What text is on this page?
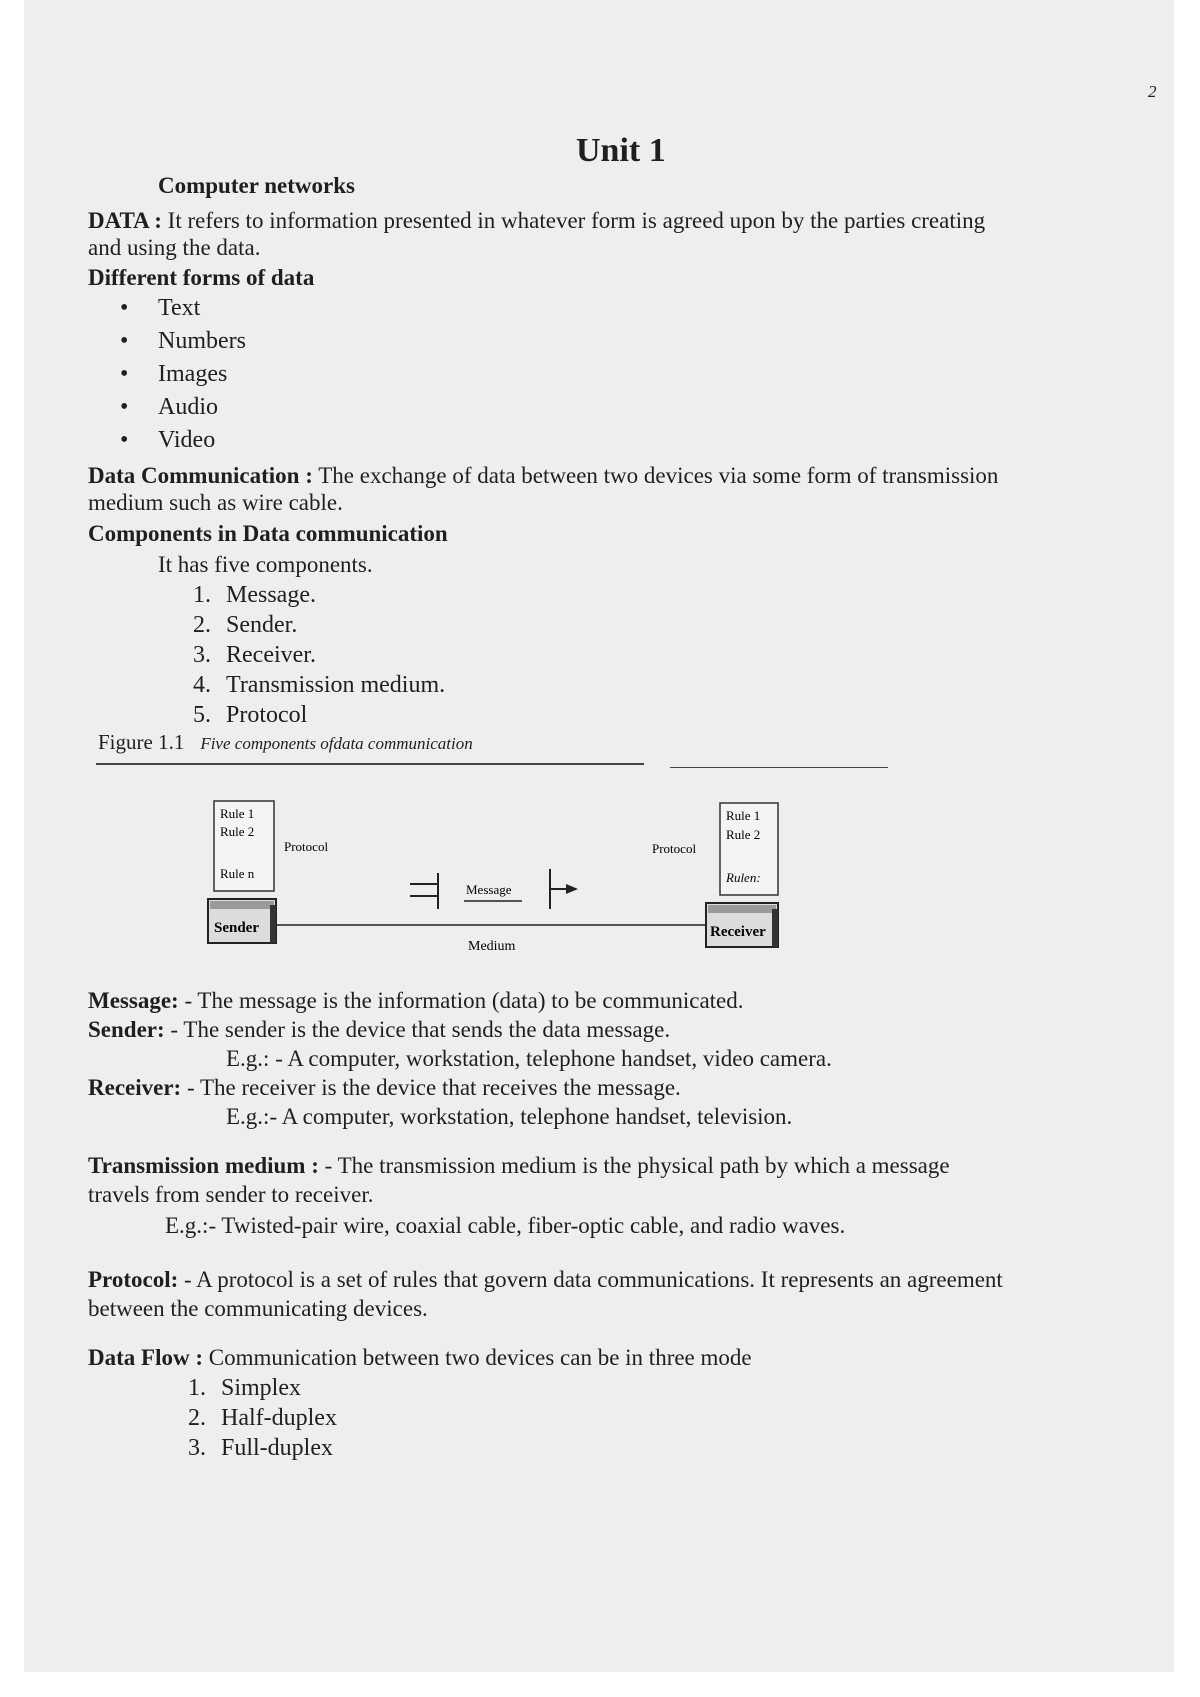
2
Unit 1
Computer networks
DATA : It refers to information presented in whatever form is agreed upon by the parties creating
and using the data.
Different forms of data
• Text
• Numbers
• Images
• Audio
• Video
Data Communication : The exchange of data between two devices via some form of transmission
medium such as wire cable.
Components in Data communication
It has five components.
1. Message.
2. Sender.
3. Receiver.
4. Transmission medium.
5. Protocol
Figure 1.1 Five components ofdata communication
Rule 1
Rule 2
Rule n
Protocol
Sender
Medium
Message
Rule 1
Rule 2
Rulen:
Protocol
Receiver
Message: - The message is the information (data) to be communicated.
Sender: - The sender is the device that sends the data message.
E.g.: - A computer, workstation, telephone handset, video camera.
Receiver: - The receiver is the device that receives the message.
E.g.:- A computer, workstation, telephone handset, television.
Transmission medium : - The transmission medium is the physical path by which a message
travels from sender to receiver.
E.g.:- Twisted-pair wire, coaxial cable, fiber-optic cable, and radio waves.
Protocol: - A protocol is a set of rules that govern data communications. It represents an agreement
between the communicating devices.
Data Flow : Communication between two devices can be in three mode
1. Simplex
2. Half-duplex
3. Full-duplex
